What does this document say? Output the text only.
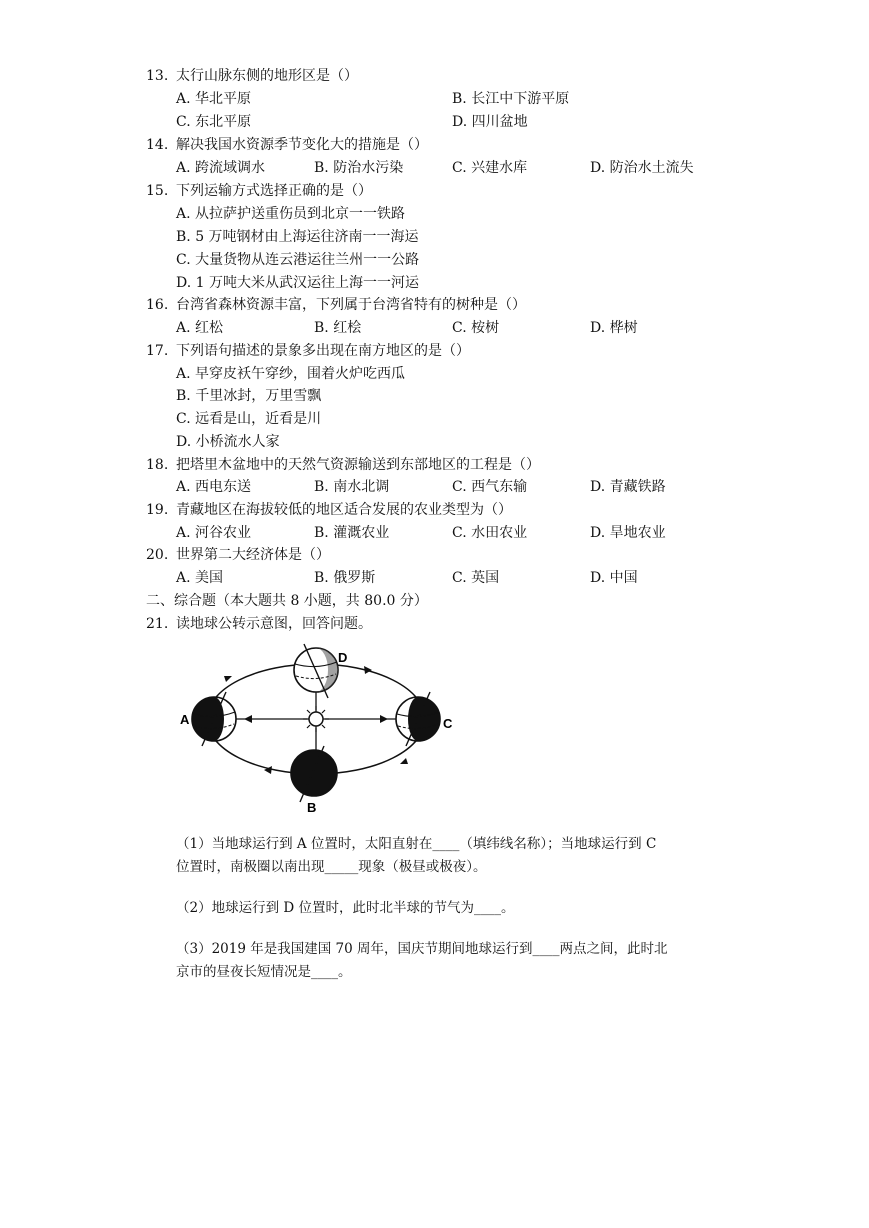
13. 太行山脉东侧的地形区是（）
A. 华北平原	B. 长江中下游平原
C. 东北平原	D. 四川盆地
14. 解决我国水资源季节变化大的措施是（）
A. 跨流域调水	B. 防治水污染	C. 兴建水库	D. 防治水土流失
15. 下列运输方式选择正确的是（）
A. 从拉萨护送重伤员到北京一一铁路
B. 5 万吨钢材由上海运往济南一一海运
C. 大量货物从连云港运往兰州一一公路
D. 1 万吨大米从武汉运往上海一一河运
16. 台湾省森林资源丰富，下列属于台湾省特有的树种是（）
A. 红松	B. 红桧	C. 桉树	D. 桦树
17. 下列语句描述的景象多出现在南方地区的是（）
A. 早穿皮袄午穿纱，围着火炉吃西瓜
B. 千里冰封，万里雪飘
C. 远看是山，近看是川
D. 小桥流水人家
18. 把塔里木盆地中的天然气资源输送到东部地区的工程是（）
A. 西电东送	B. 南水北调	C. 西气东输	D. 青藏铁路
19. 青藏地区在海拔较低的地区适合发展的农业类型为（）
A. 河谷农业	B. 灌溉农业	C. 水田农业	D. 旱地农业
20. 世界第二大经济体是（）
A. 美国	B. 俄罗斯	C. 英国	D. 中国
二、综合题（本大题共 8 小题，共 80.0 分）
21. 读地球公转示意图，回答问题。
D
A	C
B
（1）当地球运行到 A 位置时，太阳直射在____（填纬线名称）；当地球运行到 C
位置时，南极圈以南出现_____现象（极昼或极夜）。
（2）地球运行到 D 位置时，此时北半球的节气为____。
（3）2019 年是我国建国 70 周年，国庆节期间地球运行到____两点之间，此时北
京市的昼夜长短情况是____。
